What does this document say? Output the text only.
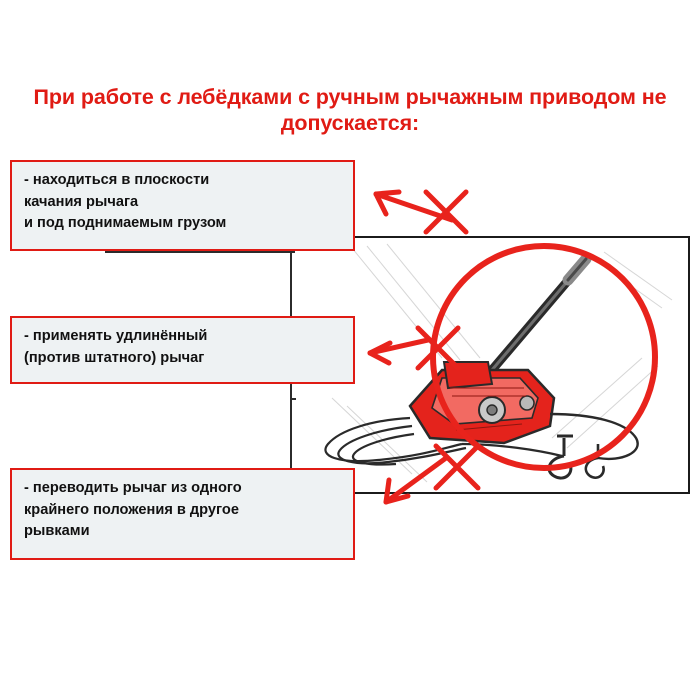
При работе с лебёдками с ручным рычажным приводом не допускается:
- находиться в плоскости
качания рычага
и под поднимаемым грузом
- применять удлинённый
(против штатного) рычаг
- переводить рычаг из одного
крайнего положения в другое
рывками
